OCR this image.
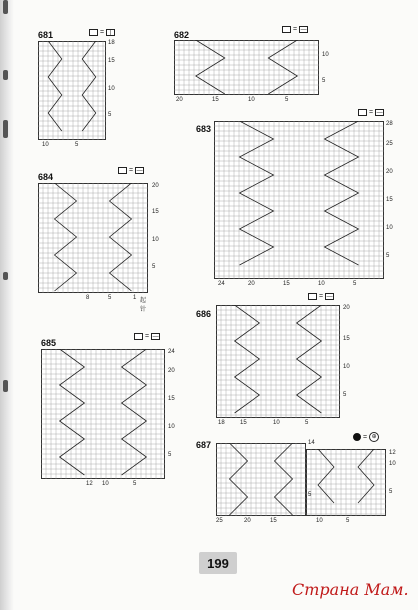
681	= |
18
15
10
5
10	5
682
= —
10
5
20	15	10	5
683
= —
28
25
20
15
10
5
24	20	15	10	5
684
= —
20
15
10
5
8	5	1 起针
685
= —
24
20
15
10
5
12 10	5
686
= —
20
15
10
5
18	15	10	5
687
= ⊕
14
12
10
5
5
25	20	15	10	5
199
Страна Мам.
